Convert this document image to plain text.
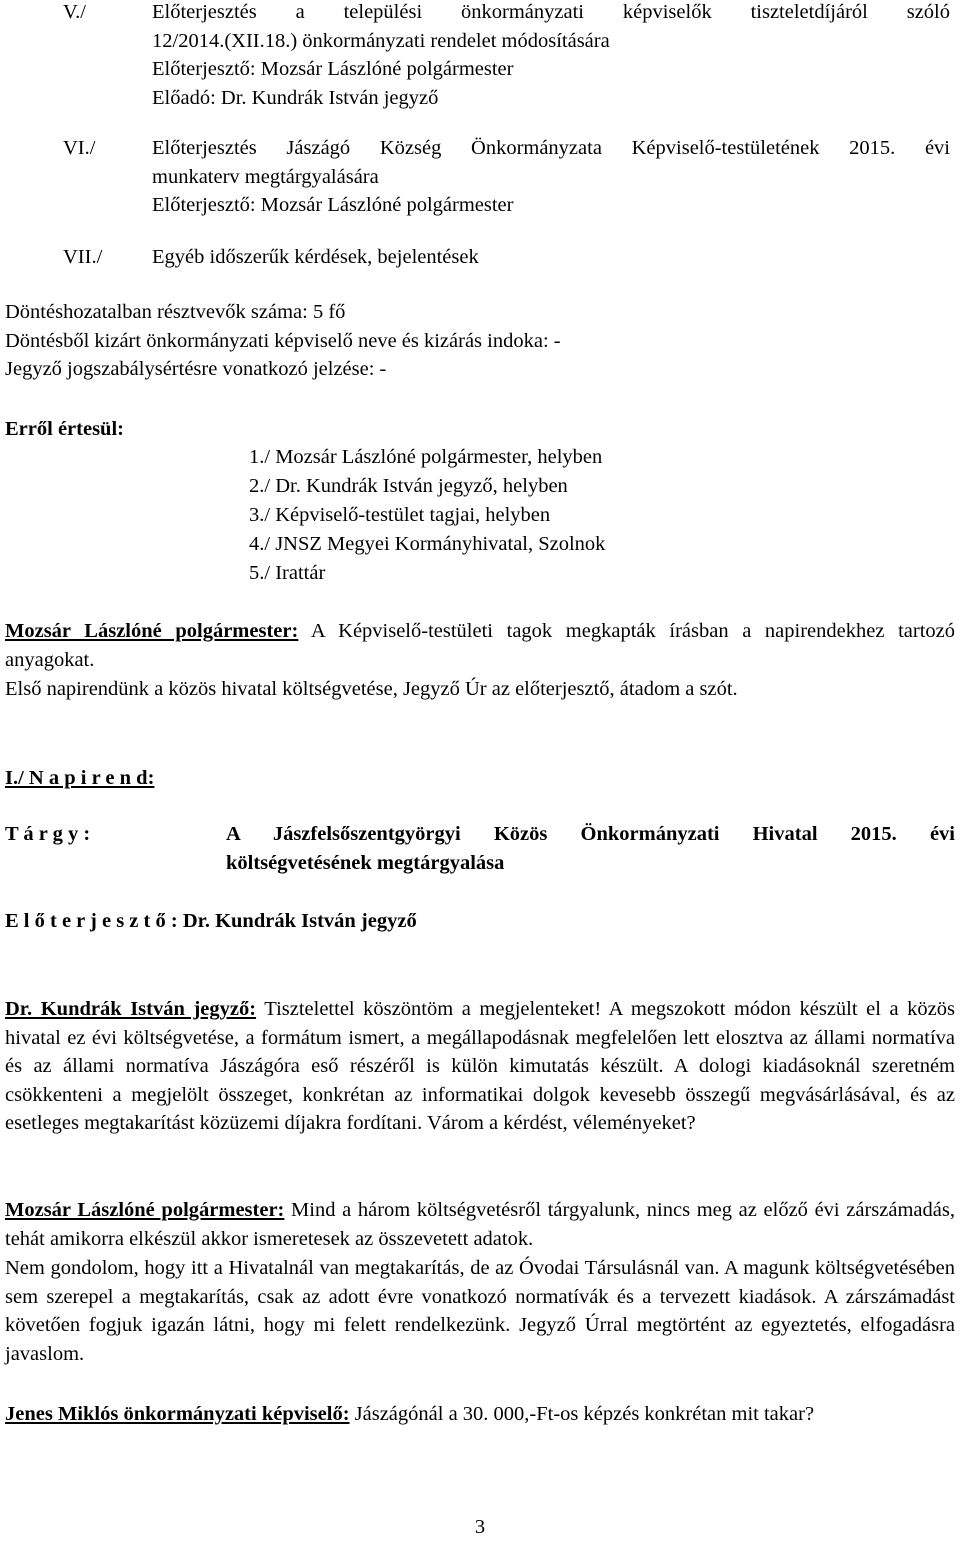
V./	Előterjesztés a települési önkormányzati képviselők tiszteletdíjáról szóló
12/2014.(XII.18.) önkormányzati rendelet módosítására
Előterjesztő: Mozsár Lászlóné polgármester
Előadó: Dr. Kundrák István jegyző
VI./	Előterjesztés Jászágó Község Önkormányzata Képviselő-testületének 2015. évi
munkaterv megtárgyalására
Előterjesztő: Mozsár Lászlóné polgármester
VII./	Egyéb időszerűk kérdések, bejelentések
Döntéshozatalban résztvevők száma: 5 fő
Döntésből kizárt önkormányzati képviselő neve és kizárás indoka: -
Jegyző jogszabálysértésre vonatkozó jelzése: -
Erről értesül:
1./ Mozsár Lászlóné polgármester, helyben
2./ Dr. Kundrák István jegyző, helyben
3./ Képviselő-testület tagjai, helyben
4./ JNSZ Megyei Kormányhivatal, Szolnok
5./ Irattár
Mozsár Lászlóné polgármester: A Képviselő-testületi tagok megkapták írásban a napirendekhez tartozó anyagokat.
Első napirendünk a közös hivatal költségvetése, Jegyző Úr az előterjesztő, átadom a szót.
I./ N a p i r e n d:
T á r g y :	A Jászfelsőszentgyörgyi Közös Önkormányzati Hivatal 2015. évi
költségvetésének megtárgyalása
E l ő t e r j e s z t ő : Dr. Kundrák István jegyző
Dr. Kundrák István jegyző: Tisztelettel köszöntöm a megjelenteket! A megszokott módon készült el a közös hivatal ez évi költségvetése, a formátum ismert, a megállapodásnak megfelelően lett elosztva az állami normatíva és az állami normatíva Jászágóra eső részéről is külön kimutatás készült. A dologi kiadásoknál szeretném csökkenteni a megjelölt összeget, konkrétan az informatikai dolgok kevesebb összegű megvásárlásával, és az esetleges megtakarítást közüzemi díjakra fordítani. Várom a kérdést, véleményeket?
Mozsár Lászlóné polgármester: Mind a három költségvetésről tárgyalunk, nincs meg az előző évi zárszámadás, tehát amikorra elkészül akkor ismeretesek az összevetett adatok.
Nem gondolom, hogy itt a Hivatalnál van megtakarítás, de az Óvodai Társulásnál van. A magunk költségvetésében sem szerepel a megtakarítás, csak az adott évre vonatkozó normatívák és a tervezett kiadások. A zárszámadást követően fogjuk igazán látni, hogy mi felett rendelkezünk. Jegyző Úrral megtörtént az egyeztetés, elfogadásra javaslom.
Jenes Miklós önkormányzati képviselő: Jászágónál a 30. 000,-Ft-os képzés konkrétan mit takar?
3
